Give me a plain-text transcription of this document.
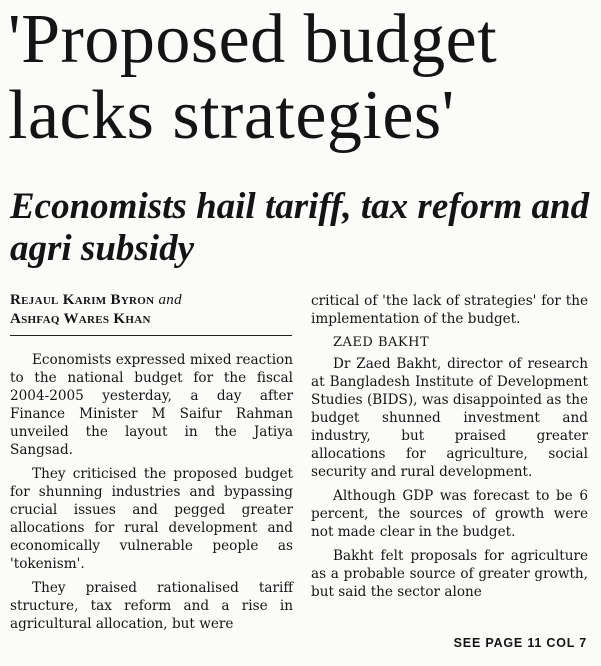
'Proposed budget lacks strategies'
Economists hail tariff, tax reform and agri subsidy
Rejaul Karim Byron and
Ashfaq Wares Khan

Economists expressed mixed reaction to the national budget for the fiscal 2004-2005 yesterday, a day after Finance Minister M Saifur Rahman unveiled the layout in the Jatiya Sangsad.

They criticised the proposed budget for shunning industries and bypassing crucial issues and pegged greater allocations for rural development and economically vulnerable people as 'tokenism'.

They praised rationalised tariff structure, tax reform and a rise in agricultural allocation, but were

critical of 'the lack of strategies' for the implementation of the budget.

ZAED BAKHT

Dr Zaed Bakht, director of research at Bangladesh Institute of Development Studies (BIDS), was disappointed as the budget shunned investment and industry, but praised greater allocations for agriculture, social security and rural development.

Although GDP was forecast to be 6 percent, the sources of growth were not made clear in the budget.

Bakht felt proposals for agriculture as a probable source of greater growth, but said the sector alone

SEE PAGE 11 COL 7
